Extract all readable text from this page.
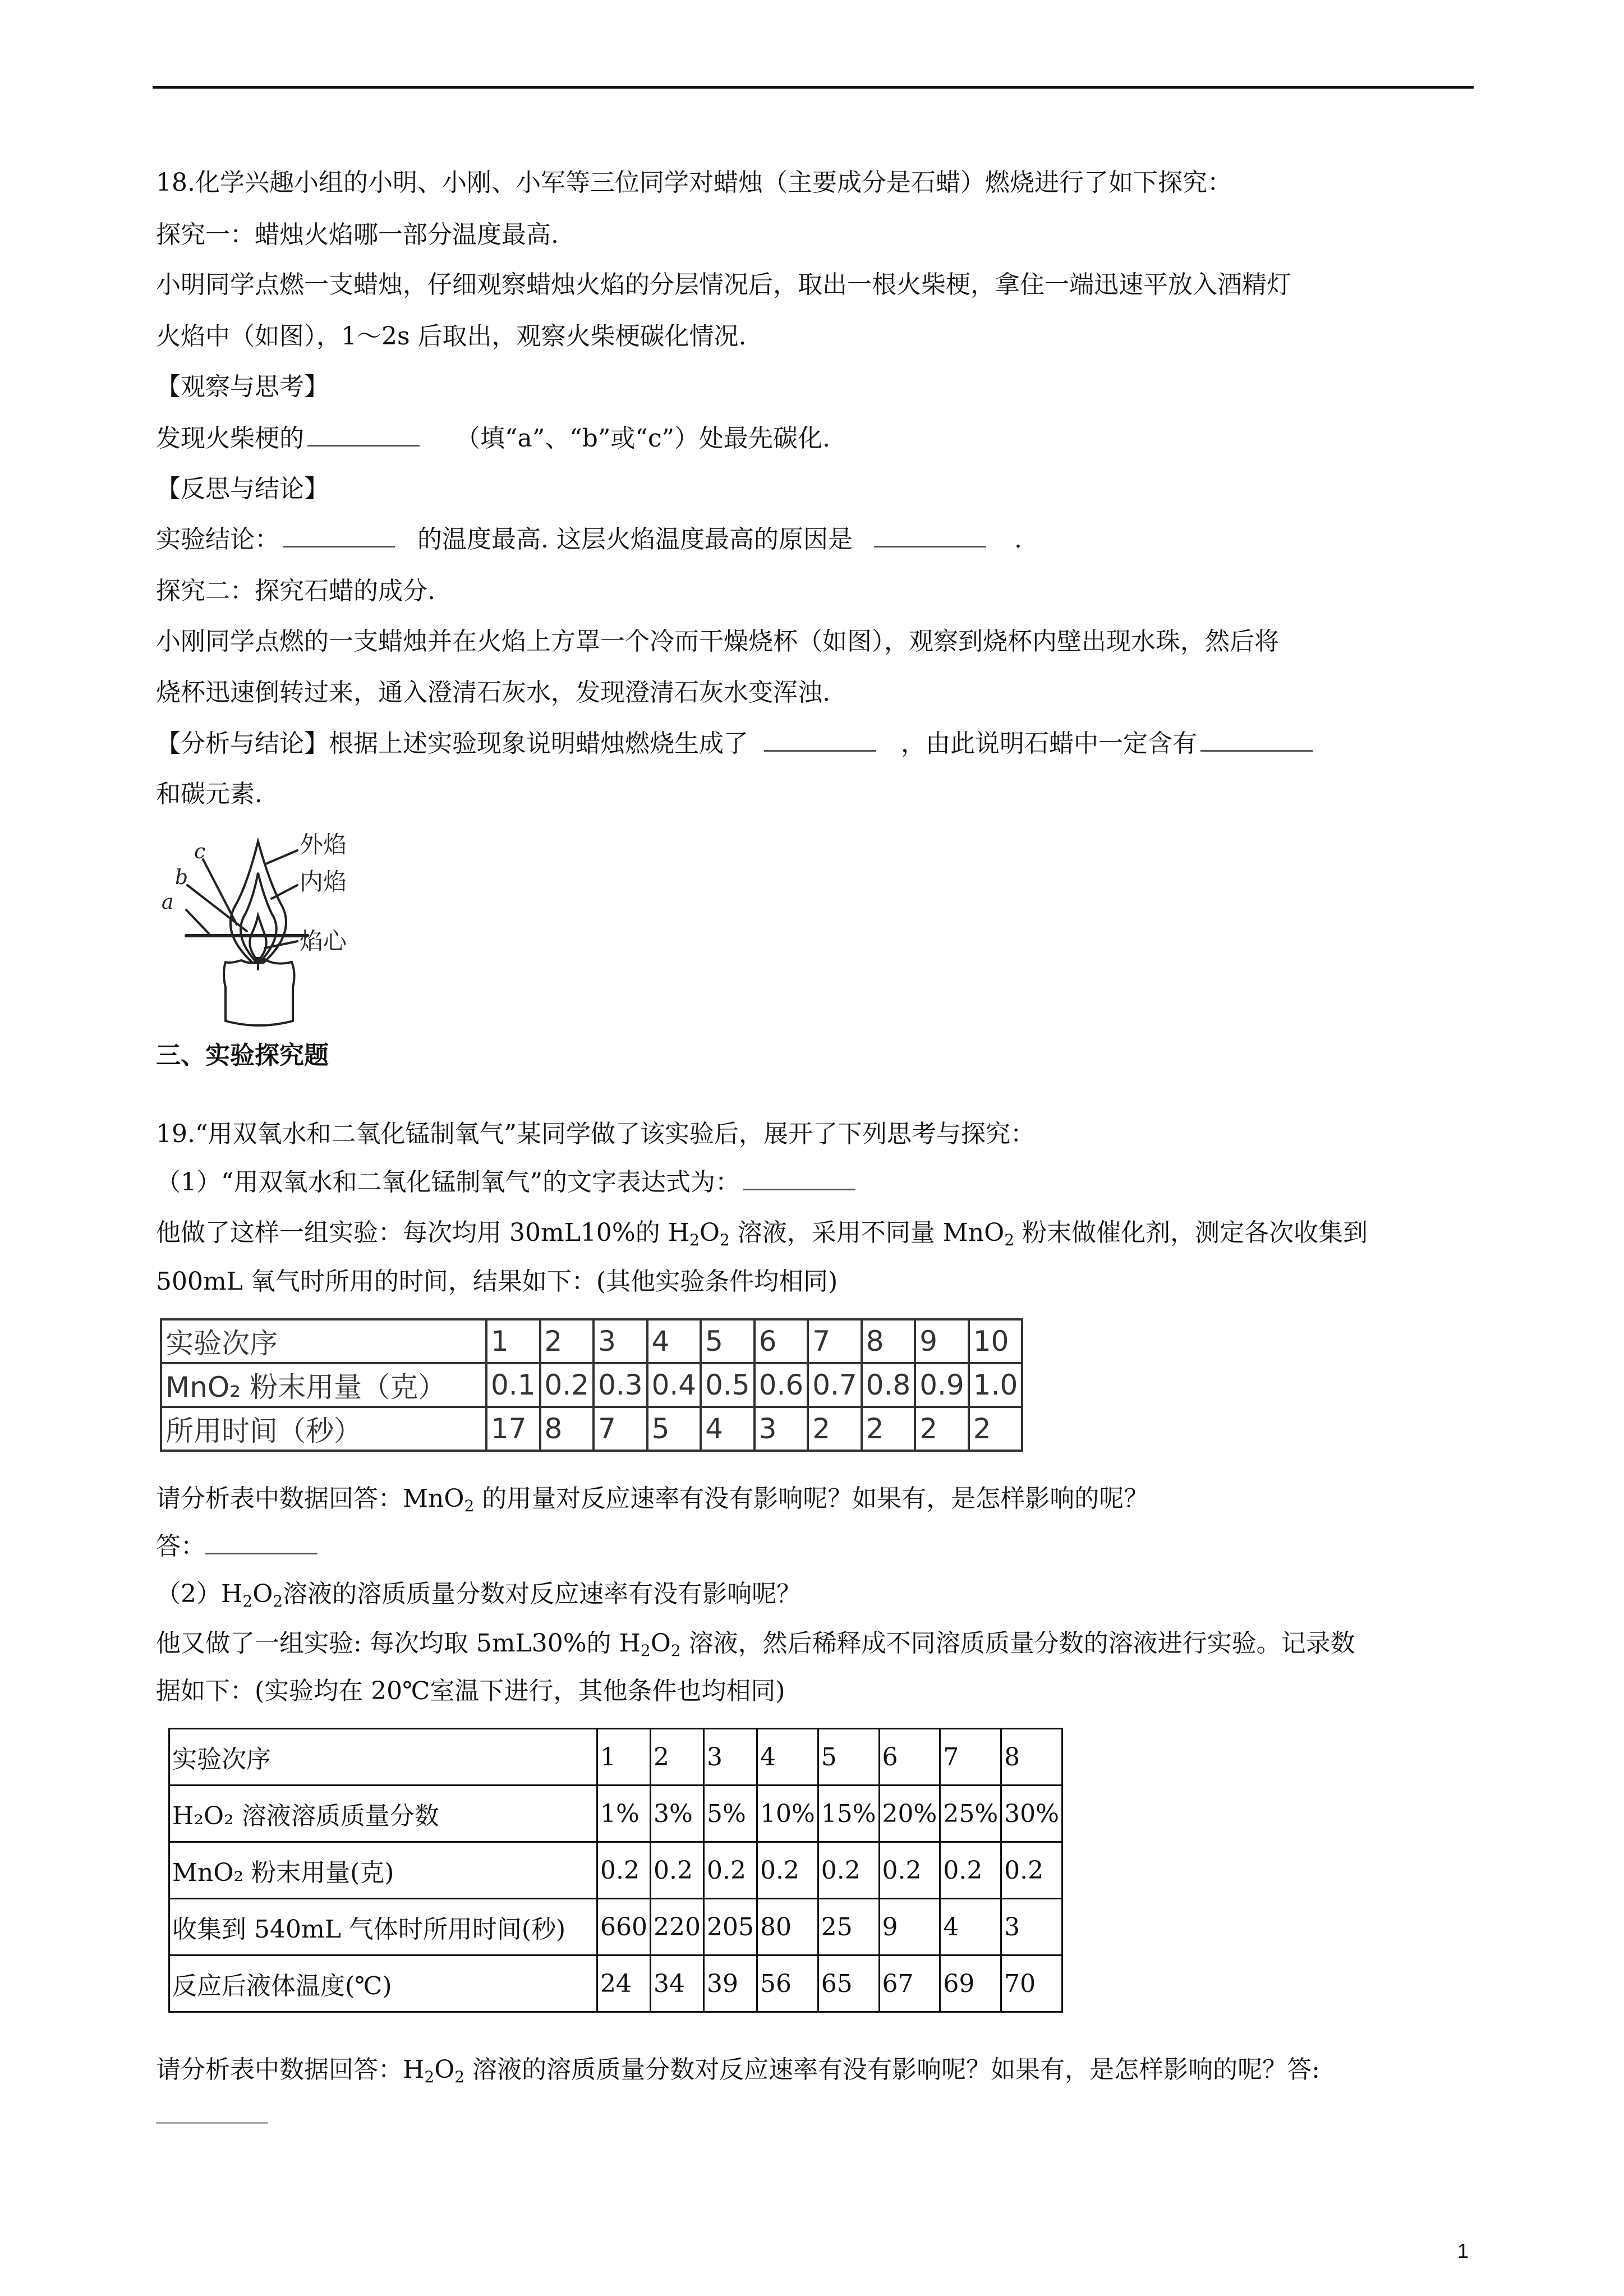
18.化学兴趣小组的小明、小刚、小军等三位同学对蜡烛（主要成分是石蜡）燃烧进行了如下探究：
探究一：蜡烛火焰哪一部分温度最高.
小明同学点燃一支蜡烛，仔细观察蜡烛火焰的分层情况后，取出一根火柴梗，拿住一端迅速平放入酒精灯
火焰中（如图），1～2s 后取出，观察火柴梗碳化情况.
【观察与思考】
发现火柴梗的	（填“a”、“b”或“c”）处最先碳化.
【反思与结论】
实验结论：	的温度最高. 这层火焰温度最高的原因是	.
探究二：探究石蜡的成分.
小刚同学点燃的一支蜡烛并在火焰上方罩一个冷而干燥烧杯（如图），观察到烧杯内壁出现水珠，然后将
烧杯迅速倒转过来，通入澄清石灰水，发现澄清石灰水变浑浊.
【分析与结论】根据上述实验现象说明蜡烛燃烧生成了	，由此说明石蜡中一定含有
和碳元素.
c
b
a
外焰
内焰
焰心
三、实验探究题
19.“用双氧水和二氧化锰制氧气”某同学做了该实验后，展开了下列思考与探究：
（1）“用双氧水和二氧化锰制氧气”的文字表达式为：
他做了这样一组实验：每次均用 30mL10%的 $H_2O_2$ 溶液，采用不同量 MnO$_2$ 粉末做催化剂，测定各次收集到
500mL 氧气时所用的时间，结果如下：(其他实验条件均相同)
实验次序	1	2	3	4	5	6	7	8	9	10
MnO₂ 粉末用量（克）	0.1	0.2	0.3	0.4	0.5	0.6	0.7	0.8	0.9	1.0
所用时间（秒）	17	8	7	5	4	3	2	2	2	2
请分析表中数据回答：MnO$_2$ 的用量对反应速率有没有影响呢？如果有，是怎样影响的呢？
答：
$(2)H_2O_2$溶液的溶质质量分数对反应速率有没有影响呢？
他又做了一组实验: 每次均取 5mL30%的 $H_2O_2$ 溶液，然后稀释成不同溶质质量分数的溶液进行实验。记录数
据如下：(实验均在 20℃室温下进行，其他条件也均相同)
实验次序	1	2	3	4	5	6	7	8
H₂O₂ 溶液溶质质量分数	1%	3%	5%	10%	15%	20%	25%	30%
MnO₂ 粉末用量(克)	0.2	0.2	0.2	0.2	0.2	0.2	0.2	0.2
收集到 540mL 气体时所用时间(秒)	660	220	205	80	25	9	4	3
反应后液体温度(℃)	24	34	39	56	65	67	69	70
请分析表中数据回答：$H_2O_2$ 溶液的溶质质量分数对反应速率有没有影响呢？如果有，是怎样影响的呢？答:
1
